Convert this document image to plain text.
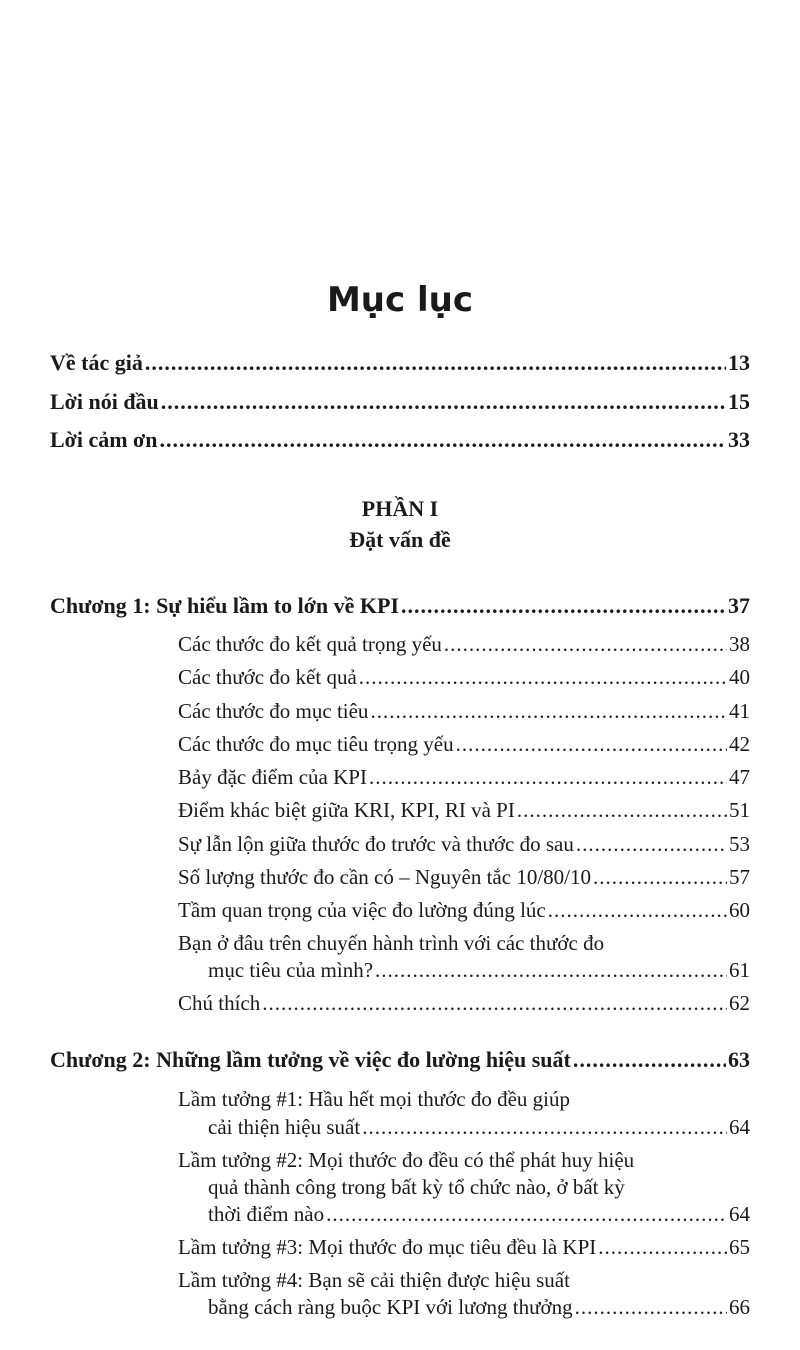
Mục lục
Về tác giả .....	13
Lời nói đầu .....	15
Lời cảm ơn .....	33
PHẦN I
Đặt vấn đề
Chương 1: Sự hiểu lầm to lớn về KPI .....	37
Các thước đo kết quả trọng yếu .....	38
Các thước đo kết quả .....	40
Các thước đo mục tiêu .....	41
Các thước đo mục tiêu trọng yếu .....	42
Bảy đặc điểm của KPI .....	47
Điểm khác biệt giữa KRI, KPI, RI và PI .....	51
Sự lẫn lộn giữa thước đo trước và thước đo sau .....	53
Số lượng thước đo cần có – Nguyên tắc 10/80/10 .....	57
Tầm quan trọng của việc đo lường đúng lúc .....	60
Bạn ở đâu trên chuyến hành trình với các thước đo
mục tiêu của mình? .....	61
Chú thích .....	62
Chương 2: Những lầm tưởng về việc đo lường hiệu suất .....	63
Lầm tưởng #1: Hầu hết mọi thước đo đều giúp
cải thiện hiệu suất .....	64
Lầm tưởng #2: Mọi thước đo đều có thể phát huy hiệu
quả thành công trong bất kỳ tổ chức nào, ở bất kỳ
thời điểm nào .....	64
Lầm tưởng #3: Mọi thước đo mục tiêu đều là KPI .....	65
Lầm tưởng #4: Bạn sẽ cải thiện được hiệu suất
bằng cách ràng buộc KPI với lương thưởng .....	66
